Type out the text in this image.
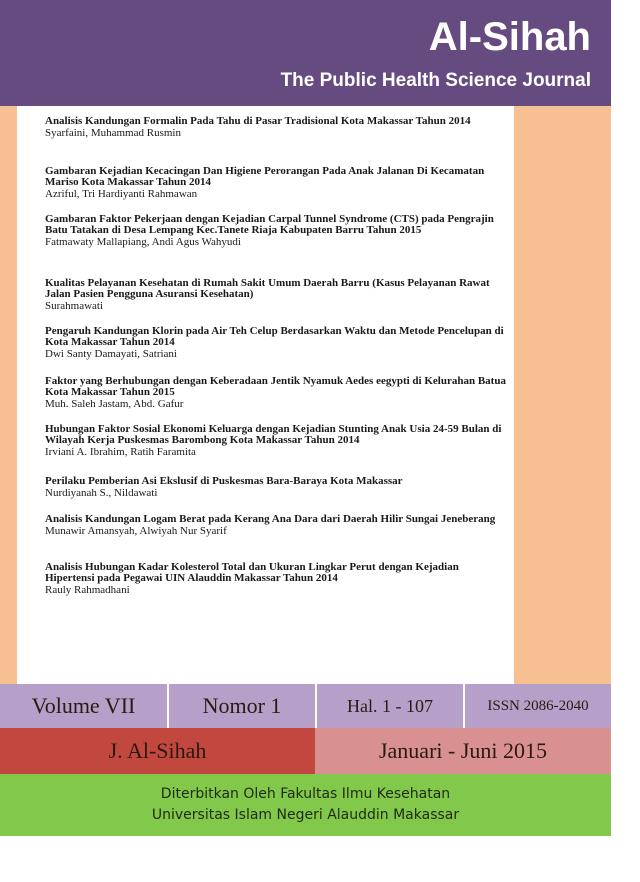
Al-Sihah
The Public Health Science Journal
Analisis Kandungan Formalin Pada Tahu di Pasar Tradisional Kota Makassar Tahun 2014
Syarfaini, Muhammad Rusmin
Gambaran Kejadian Kecacingan Dan Higiene Perorangan Pada Anak Jalanan Di Kecamatan Mariso Kota Makassar Tahun 2014
Azriful, Tri Hardiyanti Rahmawan
Gambaran Faktor Pekerjaan dengan Kejadian Carpal Tunnel Syndrome (CTS) pada Pengrajin Batu Tatakan di Desa Lempang Kec.Tanete Riaja Kabupaten Barru Tahun 2015
Fatmawaty Mallapiang, Andi Agus Wahyudi
Kualitas Pelayanan Kesehatan di Rumah Sakit Umum Daerah Barru (Kasus Pelayanan Rawat Jalan Pasien Pengguna Asuransi Kesehatan)
Surahmawati
Pengaruh Kandungan Klorin pada Air Teh Celup Berdasarkan Waktu dan Metode Pencelupan di Kota Makassar Tahun 2014
Dwi Santy Damayati, Satriani
Faktor yang Berhubungan dengan Keberadaan Jentik Nyamuk Aedes eegypti di Kelurahan Batua Kota Makassar Tahun 2015
Muh. Saleh Jastam, Abd. Gafur
Hubungan Faktor Sosial Ekonomi Keluarga dengan Kejadian Stunting Anak Usia 24-59 Bulan di Wilayah Kerja Puskesmas Barombong Kota Makassar Tahun 2014
Irviani A. Ibrahim, Ratih Faramita
Perilaku Pemberian Asi Ekslusif di Puskesmas Bara-Baraya Kota Makassar
Nurdiyanah S., Nildawati
Analisis Kandungan Logam Berat pada Kerang Ana Dara dari Daerah Hilir Sungai Jeneberang
Munawir Amansyah, Alwiyah Nur Syarif
Analisis Hubungan Kadar Kolesterol Total dan Ukuran Lingkar Perut dengan Kejadian Hipertensi pada Pegawai UIN Alauddin Makassar Tahun 2014
Rauly Rahmadhani
Volume VII	Nomor 1	Hal. 1 - 107	ISSN 2086-2040
J. Al-Sihah	Januari - Juni 2015
Diterbitkan Oleh Fakultas Ilmu Kesehatan
Universitas Islam Negeri Alauddin Makassar
